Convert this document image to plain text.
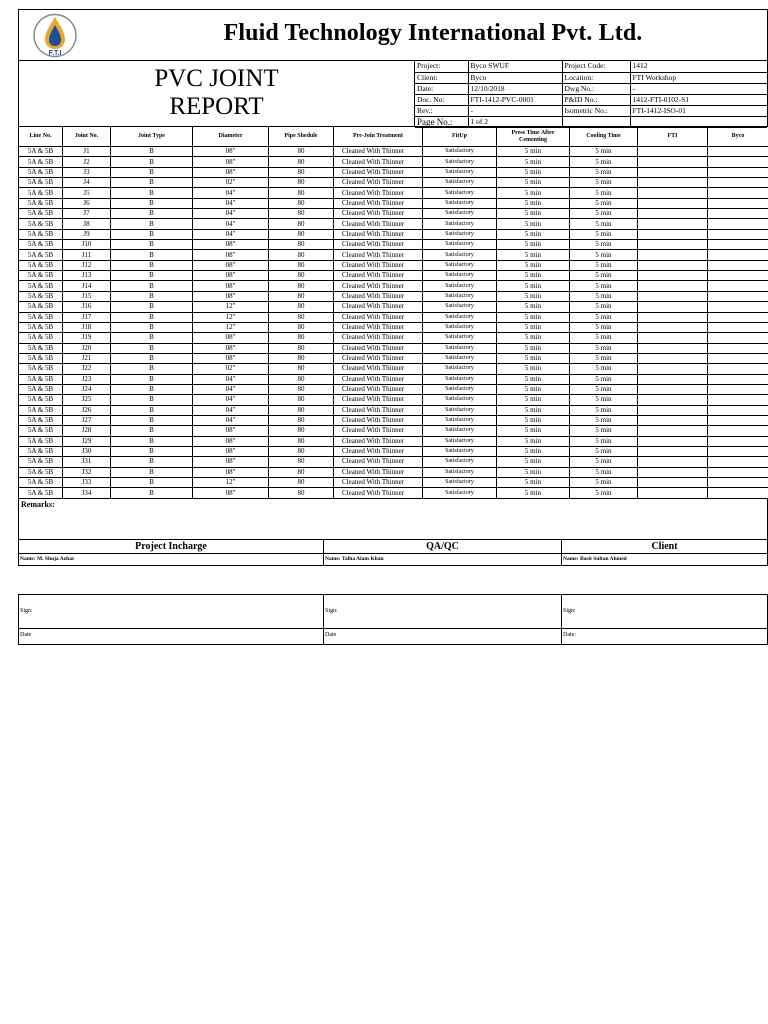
F.T.I
Fluid Technology International Pvt. Ltd.
PVC JOINT
REPORT
Project:	Byco SWUF	Project Code:	1412
Client:	Byco	Location:	FTI Workshop
Date:	12/10/2018	Dwg No.:	-
Doc. No:	FTI-1412-PVC-0001	P&ID No.:	1412-FTI-0102-S1
Rev.:	-	Isometric No.:	FTI-1412-ISO-01
Page No.:	1 of 2		
Line No.	Joint No.	Joint Type	Diameter	Pipe Shedule	Pre-Join Treatment	FitUp	Press Time After Cementing	Cooling Time	FTI	Byco
5A & 5B	J1	B	08"	80	Cleaned With Thinner	Satisfactory	5 min	5 min		
5A & 5B	J2	B	08"	80	Cleaned With Thinner	Satisfactory	5 min	5 min		
5A & 5B	J3	B	08"	80	Cleaned With Thinner	Satisfactory	5 min	5 min		
5A & 5B	J4	B	02"	80	Cleaned With Thinner	Satisfactory	5 min	5 min		
5A & 5B	J5	B	04"	80	Cleaned With Thinner	Satisfactory	5 min	5 min		
5A & 5B	J6	B	04"	80	Cleaned With Thinner	Satisfactory	5 min	5 min		
5A & 5B	J7	B	04"	80	Cleaned With Thinner	Satisfactory	5 min	5 min		
5A & 5B	J8	B	04"	80	Cleaned With Thinner	Satisfactory	5 min	5 min		
5A & 5B	J9	B	04"	80	Cleaned With Thinner	Satisfactory	5 min	5 min		
5A & 5B	J10	B	08"	80	Cleaned With Thinner	Satisfactory	5 min	5 min		
5A & 5B	J11	B	08"	80	Cleaned With Thinner	Satisfactory	5 min	5 min		
5A & 5B	J12	B	08"	80	Cleaned With Thinner	Satisfactory	5 min	5 min		
5A & 5B	J13	B	08"	80	Cleaned With Thinner	Satisfactory	5 min	5 min		
5A & 5B	J14	B	08"	80	Cleaned With Thinner	Satisfactory	5 min	5 min		
5A & 5B	J15	B	08"	80	Cleaned With Thinner	Satisfactory	5 min	5 min		
5A & 5B	J16	B	12"	80	Cleaned With Thinner	Satisfactory	5 min	5 min		
5A & 5B	J17	B	12"	80	Cleaned With Thinner	Satisfactory	5 min	5 min		
5A & 5B	J18	B	12"	80	Cleaned With Thinner	Satisfactory	5 min	5 min		
5A & 5B	J19	B	08"	80	Cleaned With Thinner	Satisfactory	5 min	5 min		
5A & 5B	J20	B	08"	80	Cleaned With Thinner	Satisfactory	5 min	5 min		
5A & 5B	J21	B	08"	80	Cleaned With Thinner	Satisfactory	5 min	5 min		
5A & 5B	J22	B	02"	80	Cleaned With Thinner	Satisfactory	5 min	5 min		
5A & 5B	J23	B	04"	80	Cleaned With Thinner	Satisfactory	5 min	5 min		
5A & 5B	J24	B	04"	80	Cleaned With Thinner	Satisfactory	5 min	5 min		
5A & 5B	J25	B	04"	80	Cleaned With Thinner	Satisfactory	5 min	5 min		
5A & 5B	J26	B	04"	80	Cleaned With Thinner	Satisfactory	5 min	5 min		
5A & 5B	J27	B	04"	80	Cleaned With Thinner	Satisfactory	5 min	5 min		
5A & 5B	J28	B	08"	80	Cleaned With Thinner	Satisfactory	5 min	5 min		
5A & 5B	J29	B	08"	80	Cleaned With Thinner	Satisfactory	5 min	5 min		
5A & 5B	J30	B	08"	80	Cleaned With Thinner	Satisfactory	5 min	5 min		
5A & 5B	J31	B	08"	80	Cleaned With Thinner	Satisfactory	5 min	5 min		
5A & 5B	J32	B	08"	80	Cleaned With Thinner	Satisfactory	5 min	5 min		
5A & 5B	J33	B	12"	80	Cleaned With Thinner	Satisfactory	5 min	5 min		
5A & 5B	J34	B	08"	80	Cleaned With Thinner	Satisfactory	5 min	5 min		
Remarks:
Project Incharge	QA/QC	Client
Name: M. Shuja Azhar	Name: Talha Alam Khan	Name: Basit Sultan Ahmed
Sign:	Sign:	Sign:
Date	Date	Date:
